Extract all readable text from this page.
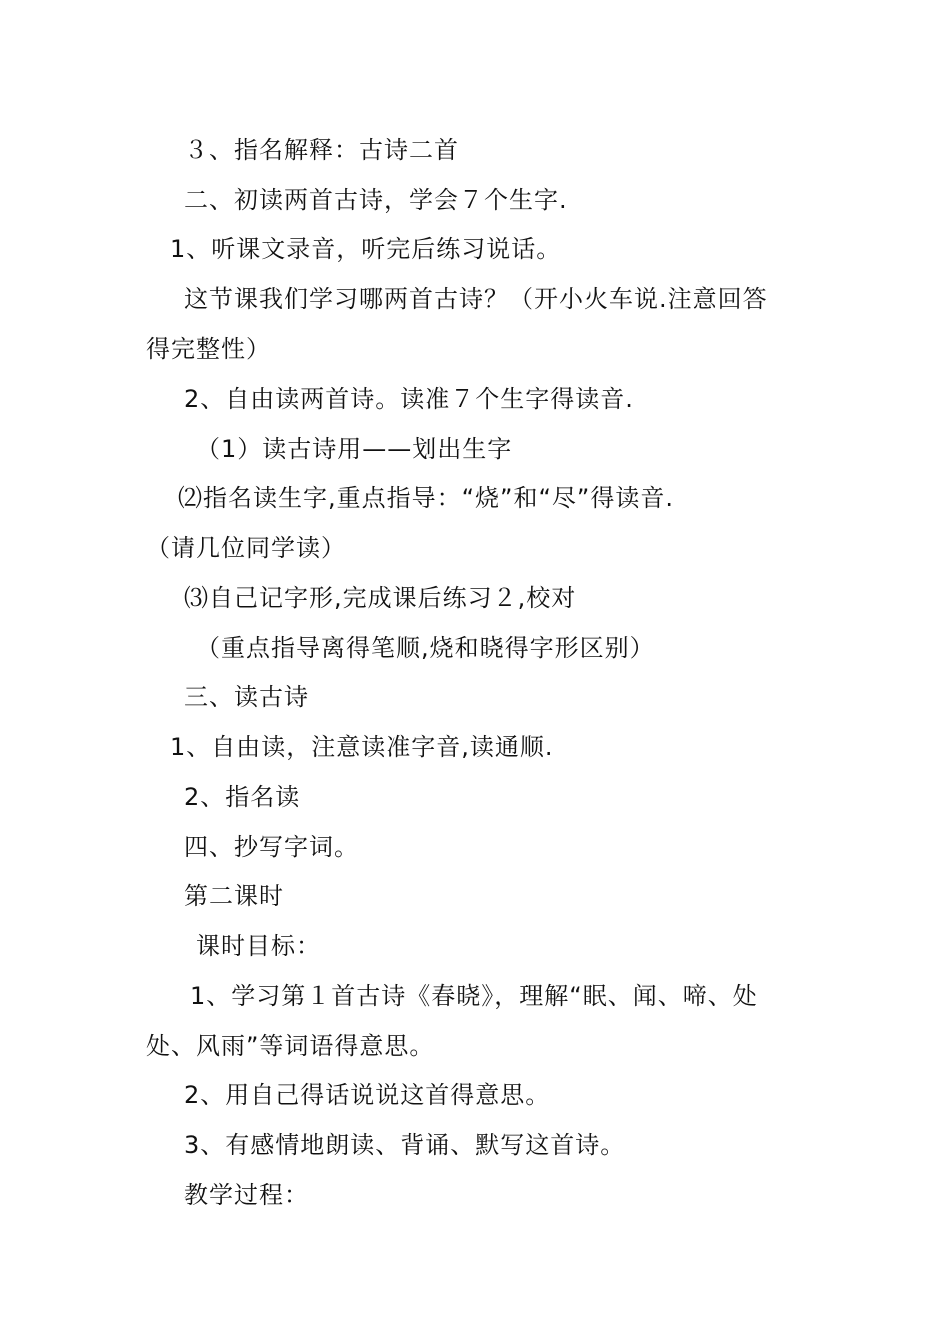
３、指名解释：古诗二首
二、初读两首古诗，学会７个生字.
1、听课文录音，听完后练习说话。
这节课我们学习哪两首古诗？（开小火车说.注意回答
得完整性）
2、自由读两首诗。读准７个生字得读音.
（1）读古诗用——划出生字
⑵指名读生字,重点指导：“烧”和“尽”得读音.
（请几位同学读）
⑶自己记字形,完成课后练习２,校对
（重点指导离得笔顺,烧和晓得字形区别）
三、读古诗
1、自由读，注意读准字音,读通顺.
2、指名读
四、抄写字词。
第二课时
课时目标：
1、学习第１首古诗《春晓》，理解“眠、闻、啼、处
处、风雨”等词语得意思。
2、用自己得话说说这首得意思。
3、有感情地朗读、背诵、默写这首诗。
教学过程：
